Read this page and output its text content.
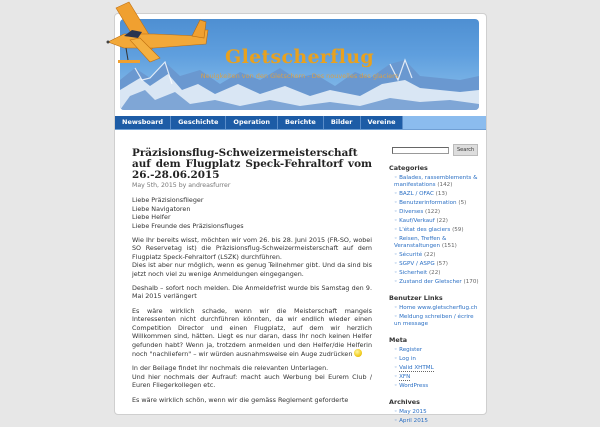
Gletscherflug
Neuigkeiten von den Gletschern - Des nouvelles des glaciers
Newsboard	Geschichte	Operation	Berichte	Bilder	Vereine
Präzisionsflug-Schweizermeisterschaft auf dem Flugplatz Speck-Fehraltorf vom 26.-28.06.2015
May 5th, 2015 by andreasfurrer

Liebe Präzisionsflieger
Liebe Navigatoren
Liebe Helfer
Liebe Freunde des Präzisionsfluges

Wie Ihr bereits wisst, möchten wir vom 26. bis 28. Juni 2015 (FR-SO, wobei SO Reservetag ist) die Präzisionsflug-Schweizermeisterschaft auf dem Flugplatz Speck-Fehraltorf (LSZK) durchführen.
Dies ist aber nur möglich, wenn es genug Teilnehmer gibt. Und da sind bis jetzt noch viel zu wenige Anmeldungen eingegangen.

Deshalb – sofort noch melden. Die Anmeldefrist wurde bis Samstag den 9. Mai 2015 verlängert

Es wäre wirklich schade, wenn wir die Meisterschaft mangels Interessenten nicht durchführen könnten, da wir endlich wieder einen Competition Director und einen Flugplatz, auf dem wir herzlich Willkommen sind, hätten. Liegt es nur daran, dass Ihr noch keinen Helfer gefunden habt? Wenn ja, trotzdem anmelden und den Helfer/die Helferin noch "nachliefern" – wir würden ausnahmsweise ein Auge zudrücken

In der Beilage findet Ihr nochmals die relevanten Unterlagen.
Und hier nochmals der Aufrauf: macht auch Werbung bei Eurem Club / Euren Fliegerkollegen etc.

Es wäre wirklich schön, wenn wir die gemäss Reglement geforderte

Search
Categories
◦ Balades, rassemblements & manifestations (142)
◦ BAZL / OFAC (13)
◦ Benutzerinformation (5)
◦ Diverses (122)
◦ Kauf/Verkauf (22)
◦ L'état des glaciers (59)
◦ Reisen, Treffen & Veranstaltungen (151)
◦ Sécurité (22)
◦ SGPV / ASPG (57)
◦ Sicherheit (22)
◦ Zustand der Gletscher (170)
Benutzer Links
◦ Home www.gletscherflug.ch
◦ Meldung schreiben / écrire un message
Meta
◦ Register
◦ Log in
◦ Valid XHTML
◦ XFN
◦ WordPress
Archives
◦ May 2015
◦ April 2015
